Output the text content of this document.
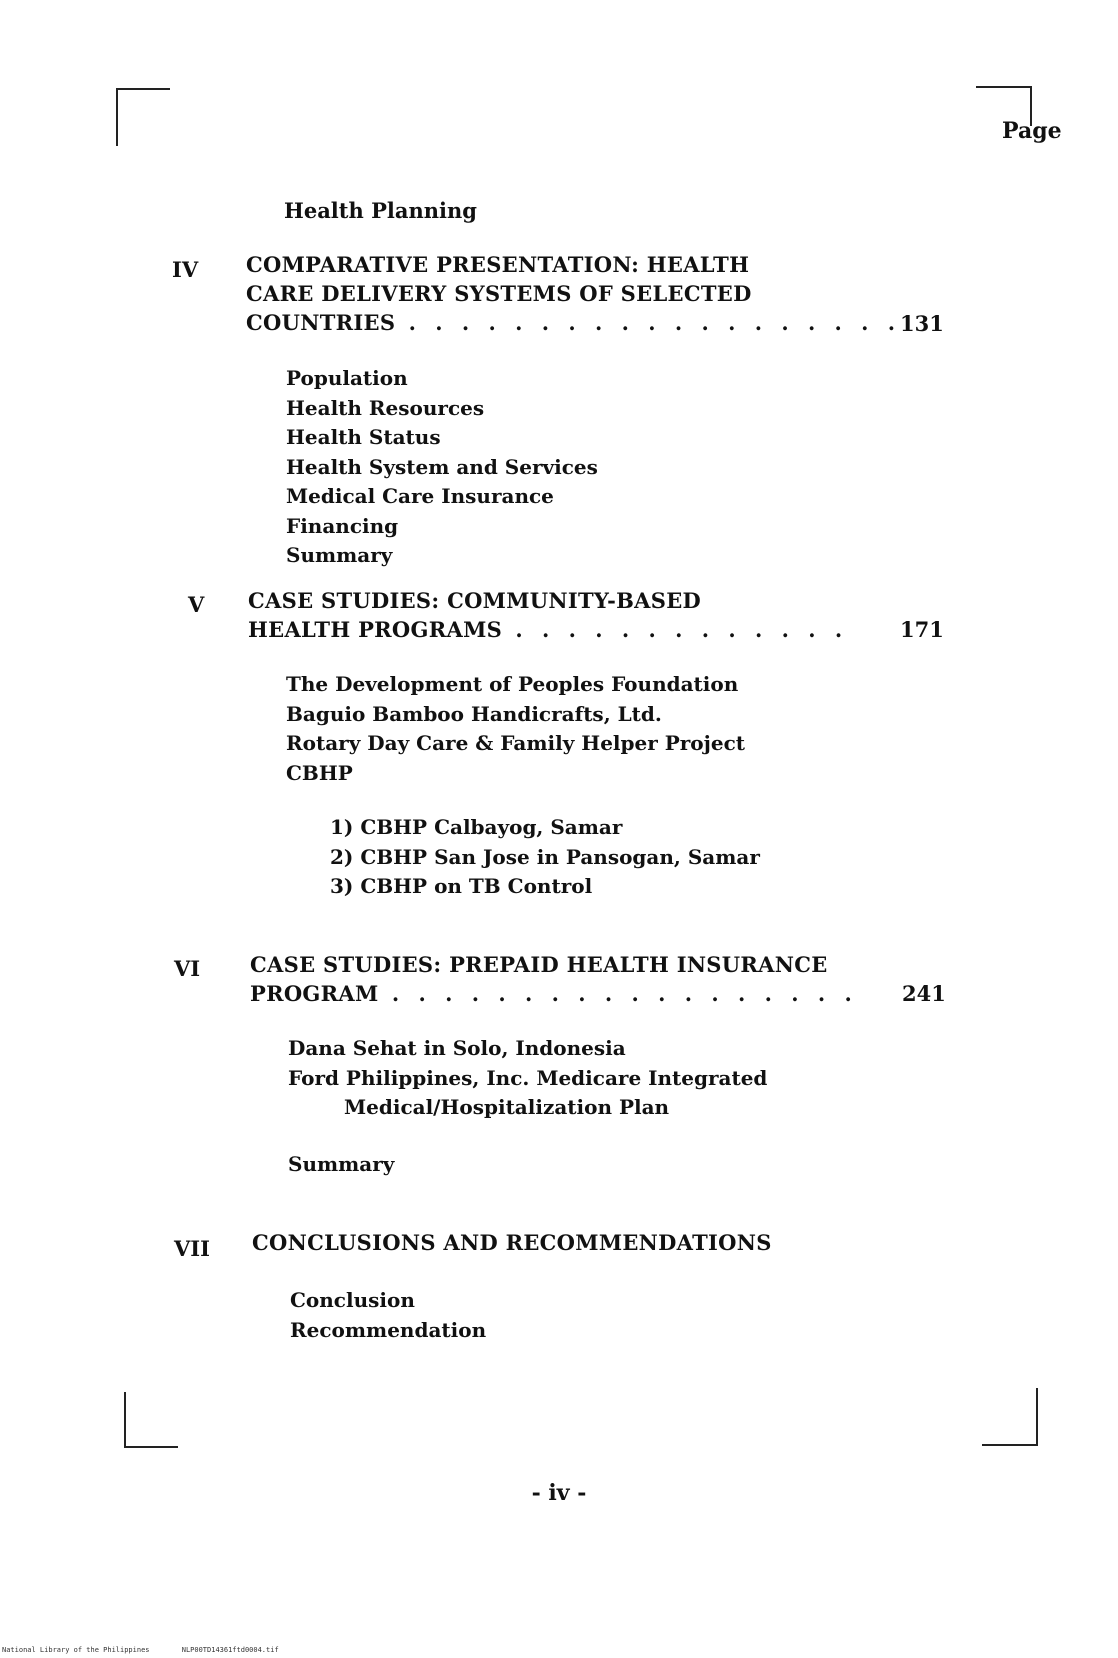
Page
Health Planning
IV COMPARATIVE PRESENTATION: HEALTH
CARE DELIVERY SYSTEMS OF SELECTED
COUNTRIES . . . . . . . . . . . . . . . . . . .
131
Population
Health Resources
Health Status
Health System and Services
Medical Care Insurance
Financing
Summary
V CASE STUDIES: COMMUNITY-BASED
HEALTH PROGRAMS . . . . . . . . . . . . . 171
The Development of Peoples Foundation
Baguio Bamboo Handicrafts, Ltd.
Rotary Day Care & Family Helper Project
CBHP
1) CBHP Calbayog, Samar
2) CBHP San Jose in Pansogan, Samar
3) CBHP on TB Control
VI CASE STUDIES: PREPAID HEALTH INSURANCE
PROGRAM . . . . . . . . . . . . . . . . . . 241
Dana Sehat in Solo, Indonesia
Ford Philippines, Inc. Medicare Integrated
Medical/Hospitalization Plan
Summary
VII CONCLUSIONS AND RECOMMENDATIONS
Conclusion
Recommendation
- iv -
National Library of the Philippines	NLP00TD14361ftd0004.tif
